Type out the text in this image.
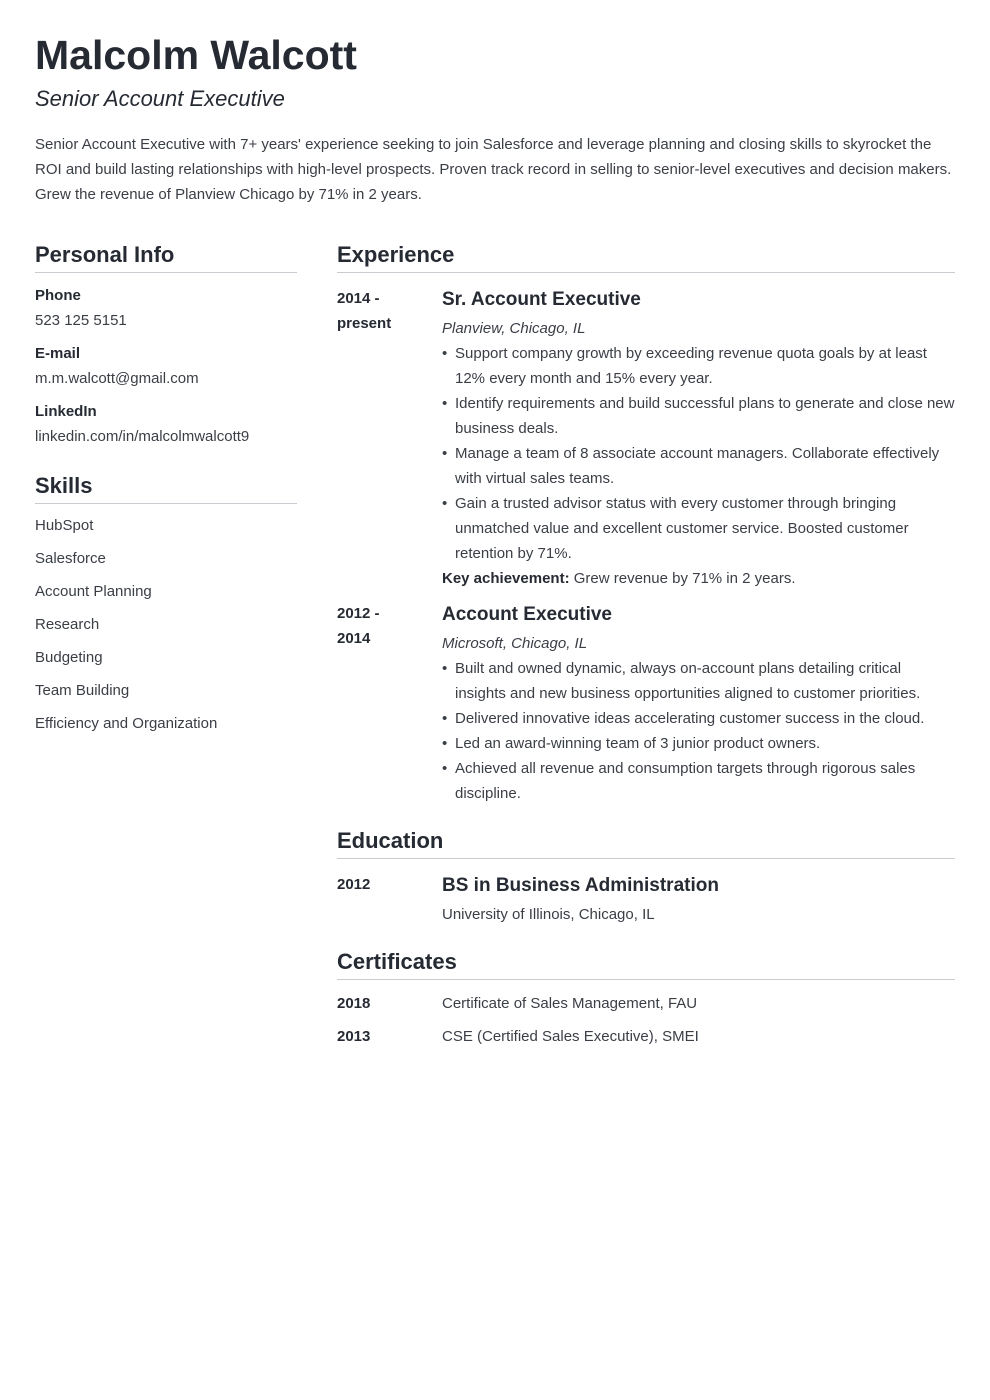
Malcolm Walcott
Senior Account Executive

Senior Account Executive with 7+ years' experience seeking to join Salesforce and leverage planning and closing skills to skyrocket the ROI and build lasting relationships with high-level prospects. Proven track record in selling to senior-level executives and decision makers. Grew the revenue of Planview Chicago by 71% in 2 years.

Personal Info
Phone
523 125 5151
E-mail
m.m.walcott@gmail.com
LinkedIn
linkedin.com/in/malcolmwalcott9
Skills
HubSpot
Salesforce
Account Planning
Research
Budgeting
Team Building
Efficiency and Organization
Experience
2014 -
present
Sr. Account Executive
Planview, Chicago, IL
• Support company growth by exceeding revenue quota goals by at least 12% every month and 15% every year.
• Identify requirements and build successful plans to generate and close new business deals.
• Manage a team of 8 associate account managers. Collaborate effectively with virtual sales teams.
• Gain a trusted advisor status with every customer through bringing unmatched value and excellent customer service. Boosted customer retention by 71%.
Key achievement: Grew revenue by 71% in 2 years.
2012 -
2014
Account Executive
Microsoft, Chicago, IL
• Built and owned dynamic, always on-account plans detailing critical insights and new business opportunities aligned to customer priorities.
• Delivered innovative ideas accelerating customer success in the cloud.
• Led an award-winning team of 3 junior product owners.
• Achieved all revenue and consumption targets through rigorous sales discipline.
Education
2012	BS in Business Administration
University of Illinois, Chicago, IL
Certificates
2018	Certificate of Sales Management, FAU
2013	CSE (Certified Sales Executive), SMEI
